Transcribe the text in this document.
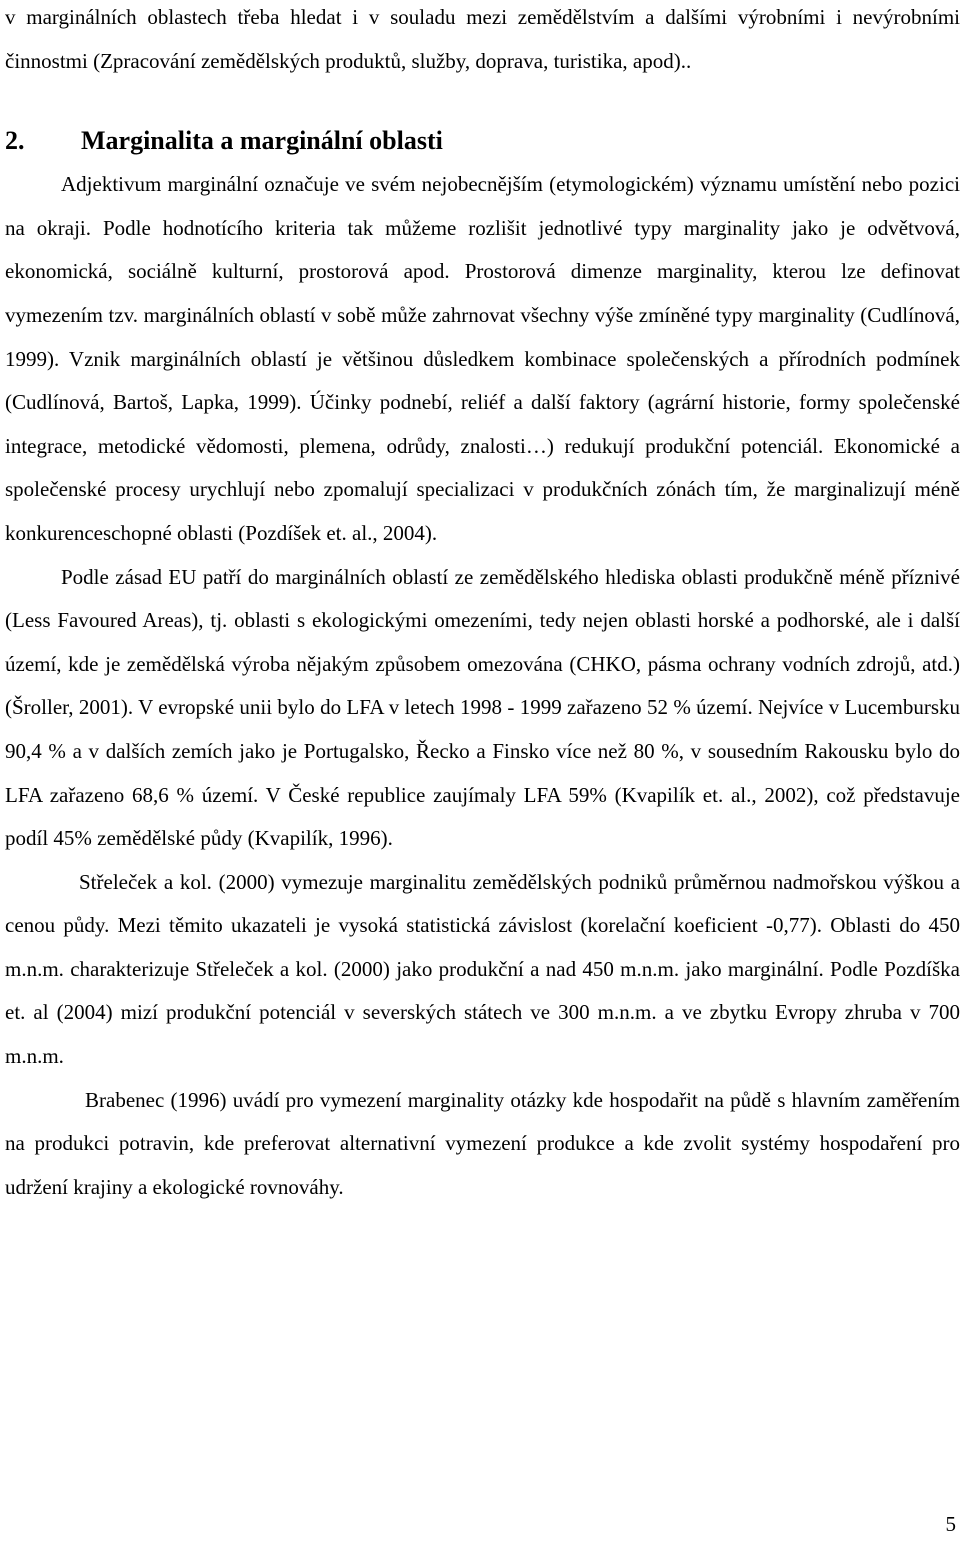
v marginálních oblastech třeba hledat i v souladu mezi zemědělstvím a dalšími výrobními i nevýrobními činnostmi (Zpracování zemědělských produktů, služby, doprava, turistika, apod)..

2. Marginalita a marginální oblasti

Adjektivum marginální označuje ve svém nejobecnějším (etymologickém) významu umístění nebo pozici na okraji. Podle hodnotícího kriteria tak můžeme rozlišit jednotlivé typy marginality jako je odvětvová, ekonomická, sociálně kulturní, prostorová apod. Prostorová dimenze marginality, kterou lze definovat vymezením tzv. marginálních oblastí v sobě může zahrnovat všechny výše zmíněné typy marginality (Cudlínová, 1999). Vznik marginálních oblastí je většinou důsledkem kombinace společenských a přírodních podmínek (Cudlínová, Bartoš, Lapka, 1999). Účinky podnebí, reliéf a další faktory (agrární historie, formy společenské integrace, metodické vědomosti, plemena, odrůdy, znalosti…) redukují produkční potenciál. Ekonomické a společenské procesy urychlují nebo zpomalují specializaci v produkčních zónách tím, že marginalizují méně konkurenceschopné oblasti (Pozdíšek et. al., 2004).

Podle zásad EU patří do marginálních oblastí ze zemědělského hlediska oblasti produkčně méně příznivé (Less Favoured Areas), tj. oblasti s ekologickými omezeními, tedy nejen oblasti horské a podhorské, ale i další území, kde je zemědělská výroba nějakým způsobem omezována (CHKO, pásma ochrany vodních zdrojů, atd.) (Šroller, 2001). V evropské unii bylo do LFA v letech 1998 - 1999 zařazeno 52 % území. Nejvíce v Lucembursku 90,4 % a v dalších zemích jako je Portugalsko, Řecko a Finsko více než 80 %, v sousedním Rakousku bylo do LFA zařazeno 68,6 % území. V České republice zaujímaly LFA 59% (Kvapilík et. al., 2002), což představuje podíl 45% zemědělské půdy (Kvapilík, 1996).

Střeleček a kol. (2000) vymezuje marginalitu zemědělských podniků průměrnou nadmořskou výškou a cenou půdy. Mezi těmito ukazateli je vysoká statistická závislost (korelační koeficient -0,77). Oblasti do 450 m.n.m. charakterizuje Střeleček a kol. (2000) jako produkční a nad 450 m.n.m. jako marginální. Podle Pozdíška et. al (2004) mizí produkční potenciál v severských státech ve 300 m.n.m. a ve zbytku Evropy zhruba v 700 m.n.m.

Brabenec (1996) uvádí pro vymezení marginality otázky kde hospodařit na půdě s hlavním zaměřením na produkci potravin, kde preferovat alternativní vymezení produkce a kde zvolit systémy hospodaření pro udržení krajiny a ekologické rovnováhy.

5
